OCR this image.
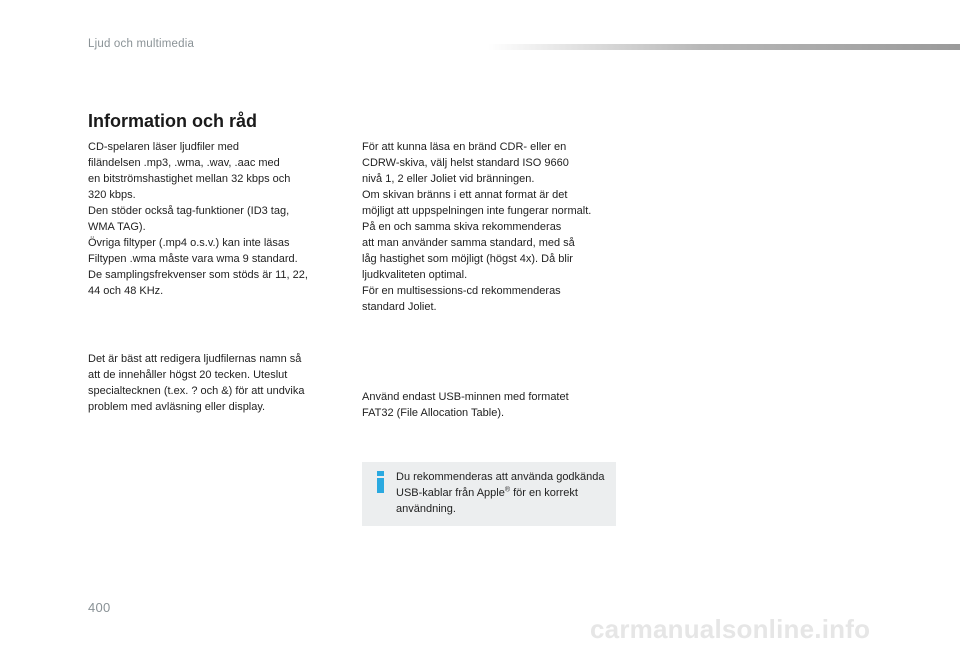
Ljud och multimedia
Information och råd

CD-spelaren läser ljudfiler med
filändelsen .mp3, .wma, .wav, .aac med
en bitströmshastighet mellan 32 kbps och
320 kbps.
Den stöder också tag-funktioner (ID3 tag,
WMA TAG).
Övriga filtyper (.mp4 o.s.v.) kan inte läsas
Filtypen .wma måste vara wma 9 standard.
De samplingsfrekvenser som stöds är 11, 22,
44 och 48 KHz.

Det är bäst att redigera ljudfilernas namn så
att de innehåller högst 20 tecken. Uteslut
specialtecknen (t.ex. ? och &) för att undvika
problem med avläsning eller display.

För att kunna läsa en bränd CDR- eller en
CDRW-skiva, välj helst standard ISO 9660
nivå 1, 2 eller Joliet vid bränningen.
Om skivan bränns i ett annat format är det
möjligt att uppspelningen inte fungerar normalt.
På en och samma skiva rekommenderas
att man använder samma standard, med så
låg hastighet som möjligt (högst 4x). Då blir
ljudkvaliteten optimal.
För en multisessions-cd rekommenderas
standard Joliet.

Använd endast USB-minnen med formatet
FAT32 (File Allocation Table).

Du rekommenderas att använda godkända USB-kablar från Apple® för en korrekt användning.

400
carmanualsonline.info
